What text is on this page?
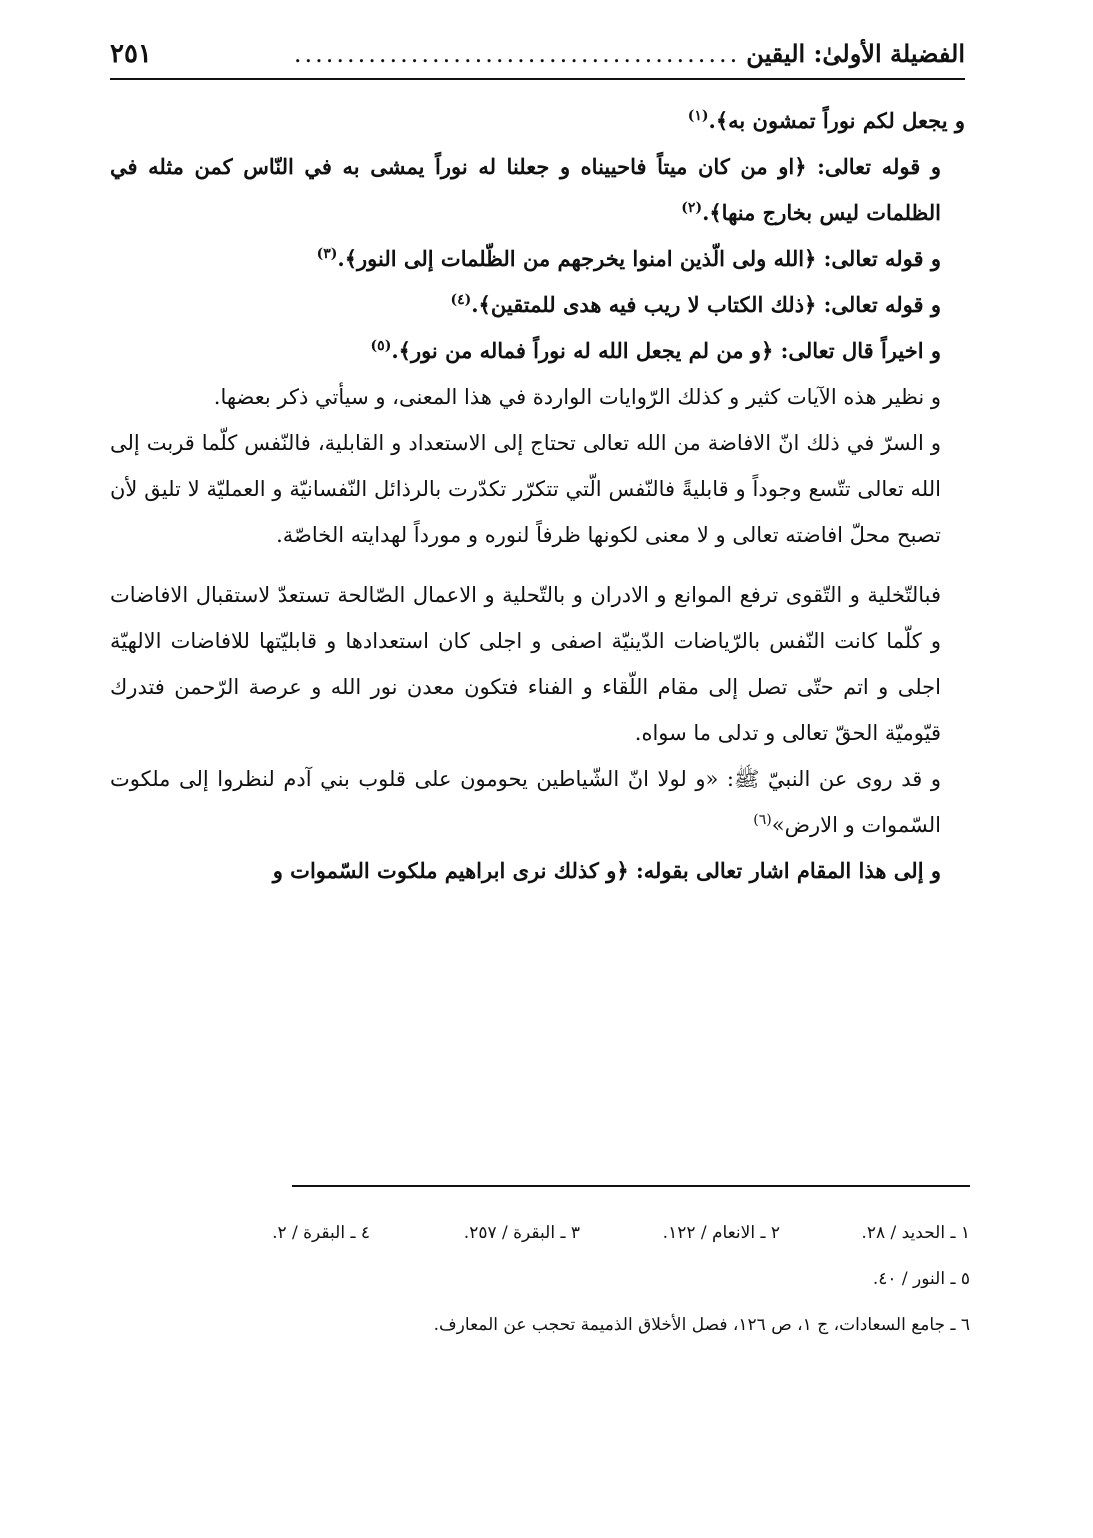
الفضيلة الأولىٰ: اليقين
..........................................
٢٥١

و يجعل لكم نوراً تمشون به﴾.$^{(١)}$

و قوله تعالى: ﴿او من كان ميتاً فاحييناه و جعلنا له نوراً يمشى به في النّاس كمن مثله في الظلمات ليس بخارج منها﴾.$^{(٢)}$

و قوله تعالى: ﴿الله ولى الّذين امنوا يخرجهم من الظّلمات إلى النور﴾.$^{(٣)}$

و قوله تعالى: ﴿ذلك الكتاب لا ريب فيه هدى للمتقين﴾.$^{(٤)}$

و اخيراً قال تعالى: ﴿و من لم يجعل الله له نوراً فماله من نور﴾.$^{(٥)}$

و نظير هذه الآيات كثير و كذلك الرّوايات الواردة في هذا المعنى، و سيأتي ذكر بعضها.

و السرّ في ذلك انّ الافاضة من الله تعالى تحتاج إلى الاستعداد و القابلية، فالنّفس كلّما قربت إلى الله تعالى تتّسع وجوداً و قابليةً فالنّفس الّتي تتكرّر تكدّرت بالرذائل النّفسانيّة و العمليّة لا تليق لأن تصبح محلّ افاضته تعالى و لا معنى لكونها ظرفاً لنوره و مورداً لهدايته الخاصّة.

فبالتّخلية و التّقوى ترفع الموانع و الادران و بالتّحلية و الاعمال الصّالحة تستعدّ لاستقبال الافاضات و كلّما كانت النّفس بالرّياضات الدّينيّة اصفى و اجلى كان استعدادها و قابليّتها للافاضات الالهيّة اجلى و اتم حتّى تصل إلى مقام اللّقاء و الفناء فتكون معدن نور الله و عرصة الرّحمن فتدرك قيّوميّة الحقّ تعالى و تدلى ما سواه.

و قد روى عن النبيّ ﷺ: «و لولا انّ الشّياطين يحومون على قلوب بني آدم لنظروا إلى ملكوت السّموات و الارض»$^{(٦)}$

و إلى هذا المقام اشار تعالى بقوله: ﴿و كذلك نرى ابراهيم ملكوت السّموات و

١ ـ الحديد / ٢٨.
٢ ـ الانعام / ١٢٢.
٣ ـ البقرة / ٢٥٧.
٤ ـ البقرة / ٢.
٥ ـ النور / ٤٠.
٦ ـ جامع السعادات، ج ١، ص ١٢٦، فصل الأخلاق الذميمة تحجب عن المعارف.
